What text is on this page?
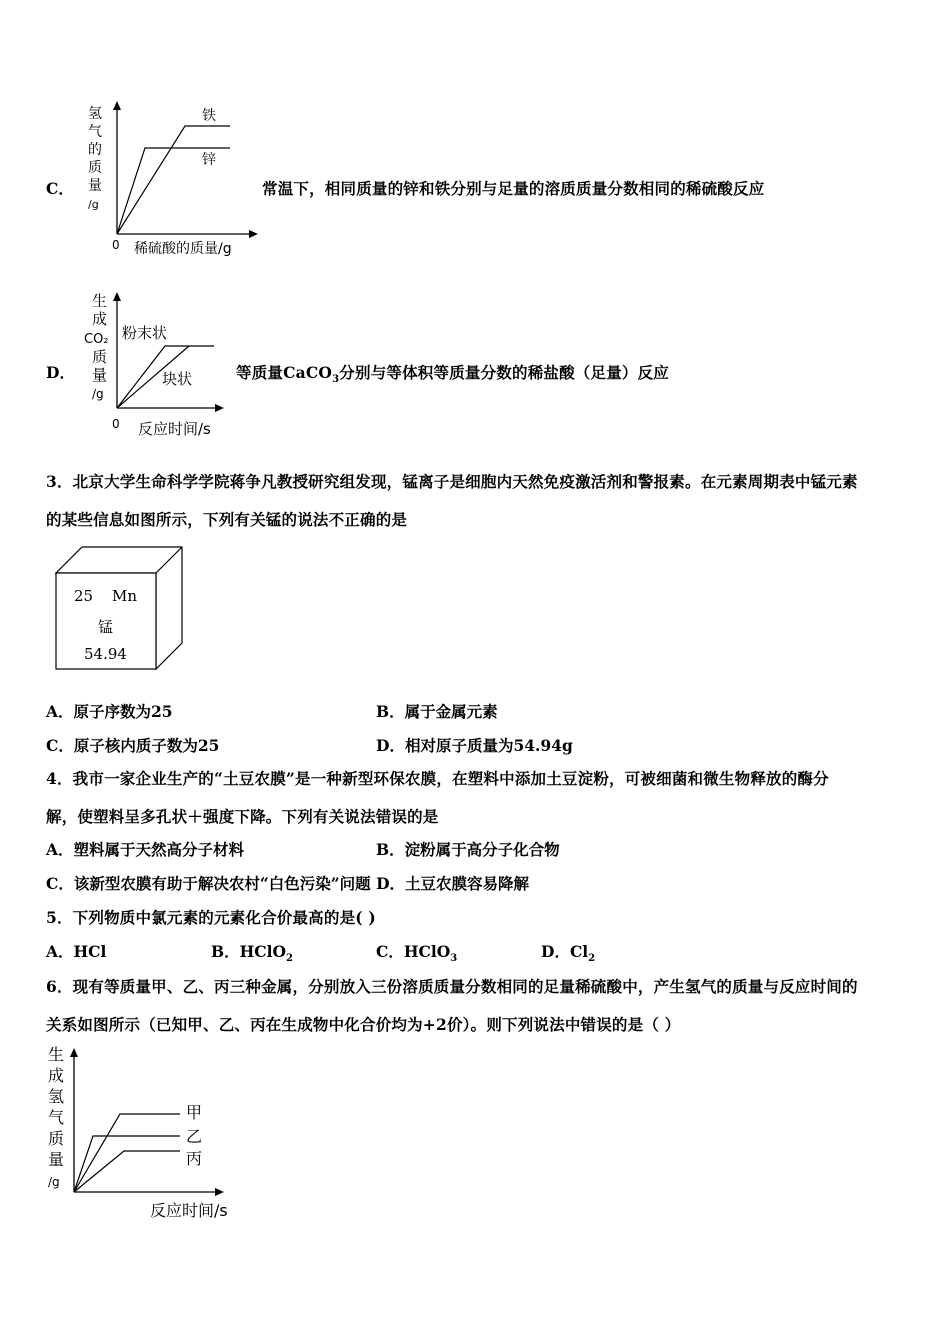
C．
氢
气
的
质
量
/g
0 稀硫酸的质量/g
铁
锌
常温下，相同质量的锌和铁分别与足量的溶质质量分数相同的稀硫酸反应
D．
生
成
CO₂
质
量
/g
0 反应时间/s
粉末状
块状	等质量CaCO$_3$分别与等体积等质量分数的稀盐酸（足量）反应
3．北京大学生命科学学院蒋争凡教授研究组发现，锰离子是细胞内天然免疫激活剂和警报素。在元素周期表中锰元素
的某些信息如图所示，下列有关锰的说法不正确的是
25 Mn
锰
54.94
A．原子序数为25	B．属于金属元素
C．原子核内质子数为25	D．相对原子质量为54.94g
4．我市一家企业生产的“土豆农膜”是一种新型环保农膜，在塑料中添加土豆淀粉，可被细菌和微生物释放的酶分
解，使塑料呈多孔状＋强度下降。下列有关说法错误的是
A．塑料属于天然高分子材料	B．淀粉属于高分子化合物
C．该新型农膜有助于解决农村“白色污染”问题 D．土豆农膜容易降解
5．下列物质中氯元素的元素化合价最高的是( )
A．HCl	B．HClO$_2$	C．HClO$_3$	D．$Cl_2$
6．现有等质量甲、乙、丙三种金属，分别放入三份溶质质量分数相同的足量稀硫酸中，产生氢气的质量与反应时间的
关系如图所示（已知甲、乙、丙在生成物中化合价均为+2价）。则下列说法中错误的是（ ）
生
成
氢
气
质
量
/g
反应时间/s
甲
乙
丙
